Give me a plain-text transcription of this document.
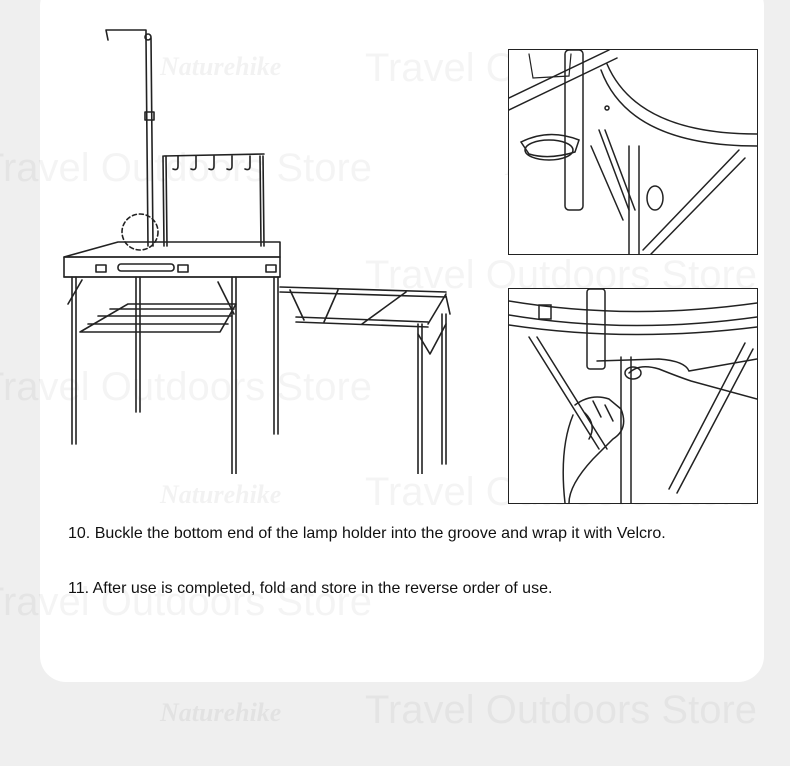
Naturehike
Naturehike
Naturehike
Naturehike

10. Buckle the bottom end of the lamp holder into the groove and wrap it with Velcro.

11. After use is completed, fold and store in the reverse order of use.
